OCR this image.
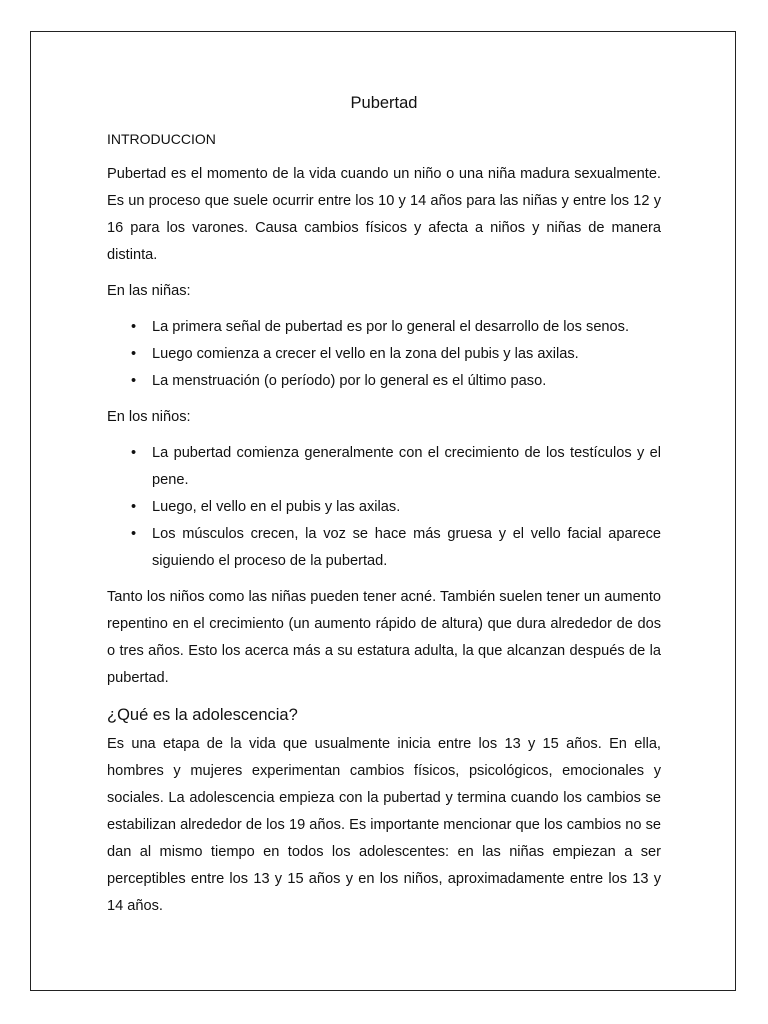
Pubertad
INTRODUCCION

Pubertad es el momento de la vida cuando un niño o una niña madura sexualmente. Es un proceso que suele ocurrir entre los 10 y 14 años para las niñas y entre los 12 y 16 para los varones. Causa cambios físicos y afecta a niños y niñas de manera distinta.

En las niñas:

• La primera señal de pubertad es por lo general el desarrollo de los senos.
• Luego comienza a crecer el vello en la zona del pubis y las axilas.
• La menstruación (o período) por lo general es el último paso.

En los niños:

• La pubertad comienza generalmente con el crecimiento de los testículos y el pene.
• Luego, el vello en el pubis y las axilas.
• Los músculos crecen, la voz se hace más gruesa y el vello facial aparece siguiendo el proceso de la pubertad.

Tanto los niños como las niñas pueden tener acné. También suelen tener un aumento repentino en el crecimiento (un aumento rápido de altura) que dura alrededor de dos o tres años. Esto los acerca más a su estatura adulta, la que alcanzan después de la pubertad.

¿Qué es la adolescencia?

Es una etapa de la vida que usualmente inicia entre los 13 y 15 años. En ella, hombres y mujeres experimentan cambios físicos, psicológicos, emocionales y sociales. La adolescencia empieza con la pubertad y termina cuando los cambios se estabilizan alrededor de los 19 años. Es importante mencionar que los cambios no se dan al mismo tiempo en todos los adolescentes: en las niñas empiezan a ser perceptibles entre los 13 y 15 años y en los niños, aproximadamente entre los 13 y 14 años.
